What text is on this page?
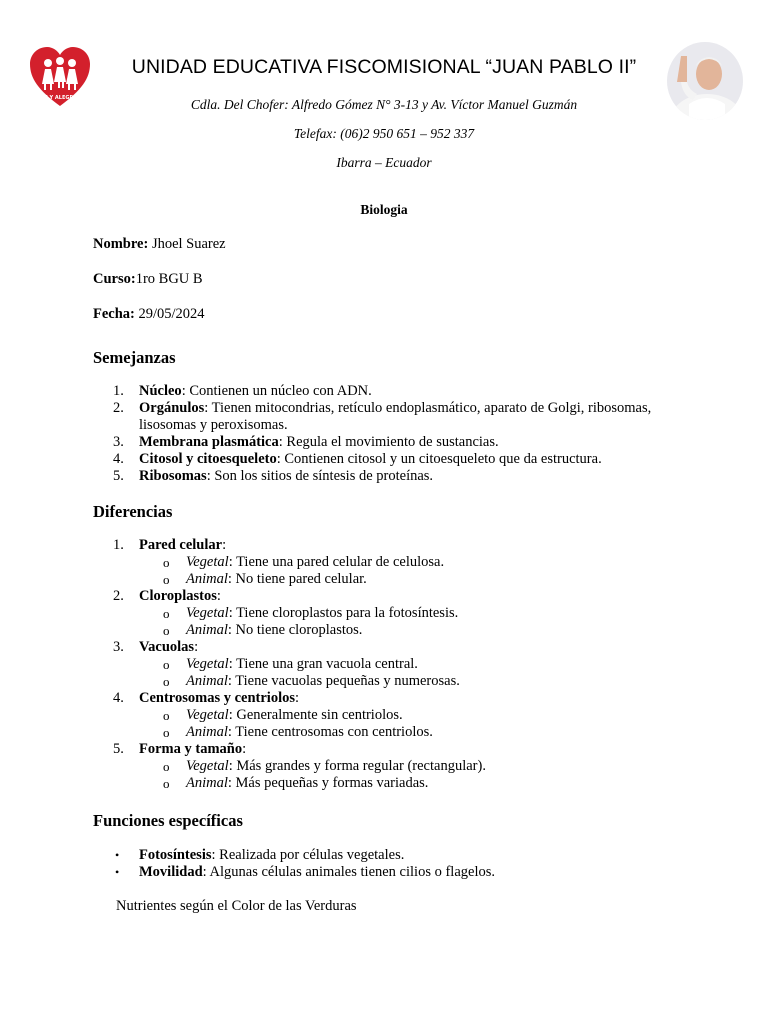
FE Y ALEGRIA
UNIDAD EDUCATIVA FISCOMISIONAL “JUAN PABLO II”
Cdla. Del Chofer: Alfredo Gómez N° 3-13 y Av. Víctor Manuel Guzmán
Telefax: (06)2 950 651 – 952 337
Ibarra – Ecuador
Biologia
Nombre: Jhoel Suarez
Curso:1ro BGU B
Fecha: 29/05/2024
Semejanzas
1. Núcleo: Contienen un núcleo con ADN.
2. Orgánulos: Tienen mitocondrias, retículo endoplasmático, aparato de Golgi, ribosomas, lisosomas y peroxisomas.
3. Membrana plasmática: Regula el movimiento de sustancias.
4. Citosol y citoesqueleto: Contienen citosol y un citoesqueleto que da estructura.
5. Ribosomas: Son los sitios de síntesis de proteínas.
Diferencias
1. Pared celular:
o Vegetal: Tiene una pared celular de celulosa.
o Animal: No tiene pared celular.
2. Cloroplastos:
o Vegetal: Tiene cloroplastos para la fotosíntesis.
o Animal: No tiene cloroplastos.
3. Vacuolas:
o Vegetal: Tiene una gran vacuola central.
o Animal: Tiene vacuolas pequeñas y numerosas.
4. Centrosomas y centriolos:
o Vegetal: Generalmente sin centriolos.
o Animal: Tiene centrosomas con centriolos.
5. Forma y tamaño:
o Vegetal: Más grandes y forma regular (rectangular).
o Animal: Más pequeñas y formas variadas.
Funciones específicas
• Fotosíntesis: Realizada por células vegetales.
• Movilidad: Algunas células animales tienen cilios o flagelos.
Nutrientes según el Color de las Verduras
